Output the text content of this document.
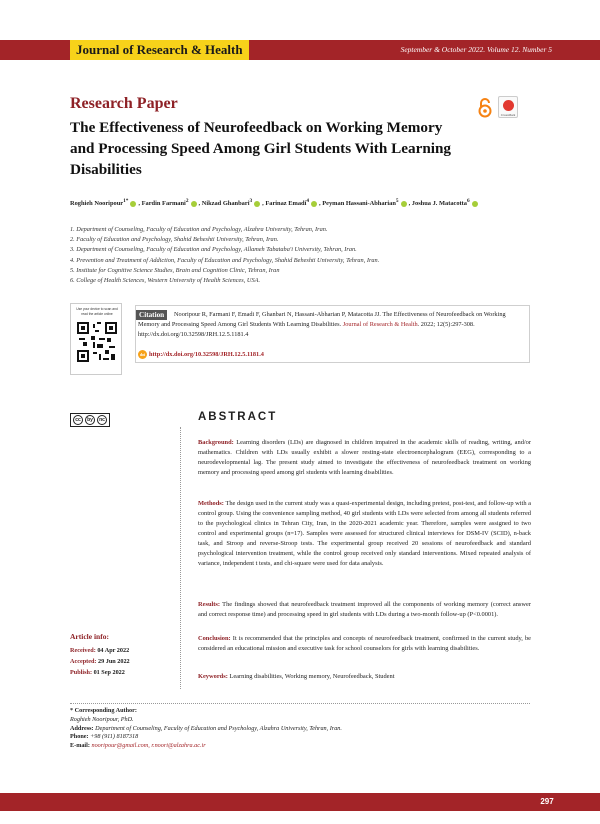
Journal of Research & Health	September & October 2022. Volume 12. Number 5
Research Paper
The Effectiveness of Neurofeedback on Working Memory and Processing Speed Among Girl Students With Learning Disabilities
CrossMark
Roghieh Nooripour$^{1*}$ , Fardin Farmani$^2$ , Nikzad Ghanbari$^3$ , Farinaz Emadi$^4$ , Peyman Hassani-Abharian$^5$ , Joshua J. Matacotta$^6$
1. Department of Counseling, Faculty of Education and Psychology, Alzahra University, Tehran, Iran.
2. Faculty of Education and Psychology, Shahid Beheshti University, Tehran, Iran.
3. Department of Counseling, Faculty of Education and Psychology, Allameh Tabataba'i University, Tehran, Iran.
4. Prevention and Treatment of Addiction, Faculty of Education and Psychology, Shahid Beheshti University, Tehran, Iran.
5. Institute for Cognitive Science Studies, Brain and Cognition Clinic, Tehran, Iran
6. College of Health Sciences, Western University of Health Sciences, USA.
Use your device to scan and read the article online	Citation	Nooripour R, Farmani F, Emadi F, Ghanbari N, Hassani-Abharian P, Matacotta JJ. The Effectiveness of Neurofeedback on Working Memory and Processing Speed Among Girl Students With Learning Disabilities. Journal of Research & Health. 2022; 12(5):297-308. http://dx.doi.org/10.32598/JRH.12.5.1181.4
doi http://dx.doi.org/10.32598/JRH.12.5.1181.4
cc	by	nc	ABSTRACT

Background: Learning disorders (LDs) are diagnosed in children impaired in the academic skills of reading, writing, and/or mathematics. Children with LDs usually exhibit a slower resting-state electroencephalogram (EEG), corresponding to a neurodevelopmental lag. The present study aimed to investigate the effectiveness of neurofeedback treatment on working memory and processing speed among girl students with learning disabilities.

Methods: The design used in the current study was a quasi-experimental design, including pretest, post-test, and follow-up with a control group. Using the convenience sampling method, 40 girl students with LDs were selected from among all students referred to the psychological clinics in Tehran City, Iran, in the 2020-2021 academic year. Therefore, samples were assigned to two control and experimental groups (n=17). Samples were assessed for structured clinical interviews for DSM-IV (SCID), n-back task, and Stroop and reverse-Stroop tests. The experimental group received 20 sessions of neurofeedback and standard psychological intervention treatment, while the control group received only standard interventions. Mixed repeated analysis of variance, independent t tests, and chi-square were used for data analysis.

Results: The findings showed that neurofeedback treatment improved all the components of working memory (correct answer and correct response time) and processing speed in girl students with LDs during a two-month follow-up (P<0.0001).

Conclusion: It is recommended that the principles and concepts of neurofeedback treatment, confirmed in the current study, be considered an educational mission and executive task for school counselors for girls with learning disabilities.

Keywords: Learning disabilities, Working memory, Neurofeedback, Student

Article info:
Received: 04 Apr 2022
Accepted: 29 Jun 2022
Publish: 01 Sep 2022
* Corresponding Author:
Roghieh Nooripour, PhD.
Address: Department of Counseling, Faculty of Education and Psychology, Alzahra University, Tehran, Iran.
Phone: +98 (911) 8187318
E-mail: nooripour@gmail.com, r.noori@alzahra.ac.ir
297
